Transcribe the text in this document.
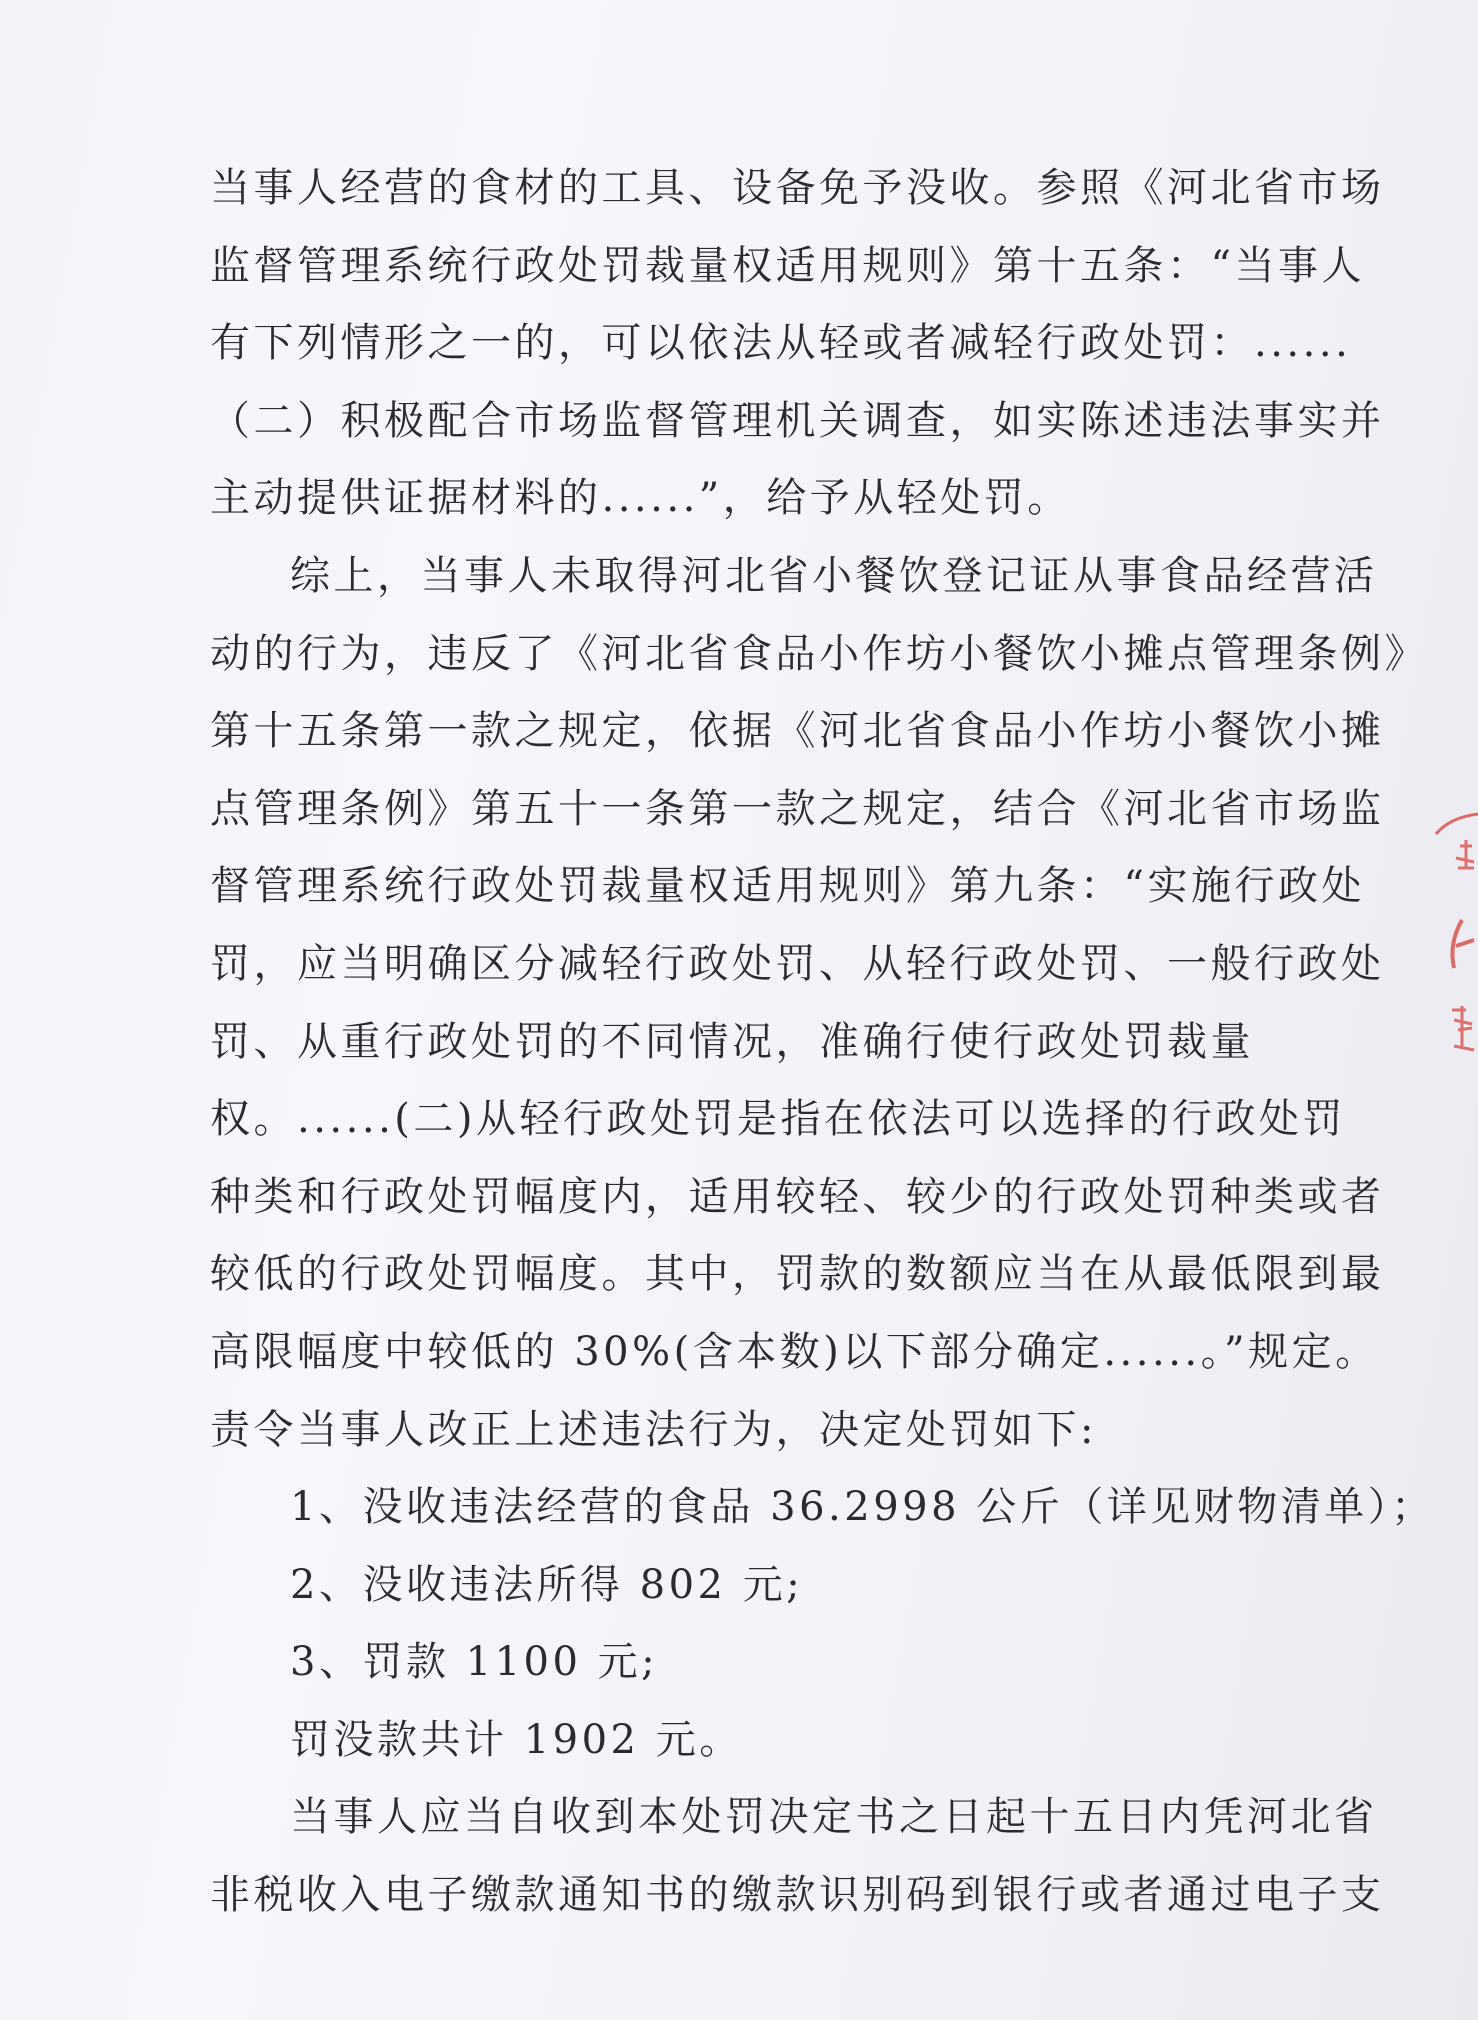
当事人经营的食材的工具、设备免予没收。参照《河北省市场
监督管理系统行政处罚裁量权适用规则》第十五条：“当事人
有下列情形之一的，可以依法从轻或者减轻行政处罚：......
（二）积极配合市场监督管理机关调查，如实陈述违法事实并
主动提供证据材料的......”，给予从轻处罚。
综上，当事人未取得河北省小餐饮登记证从事食品经营活
动的行为，违反了《河北省食品小作坊小餐饮小摊点管理条例》
第十五条第一款之规定，依据《河北省食品小作坊小餐饮小摊
点管理条例》第五十一条第一款之规定，结合《河北省市场监
督管理系统行政处罚裁量权适用规则》第九条：“实施行政处
罚，应当明确区分减轻行政处罚、从轻行政处罚、一般行政处
罚、从重行政处罚的不同情况，准确行使行政处罚裁量
权。......(二)从轻行政处罚是指在依法可以选择的行政处罚
种类和行政处罚幅度内，适用较轻、较少的行政处罚种类或者
较低的行政处罚幅度。其中，罚款的数额应当在从最低限到最
高限幅度中较低的 30%(含本数)以下部分确定......。”规定。
责令当事人改正上述违法行为，决定处罚如下:
1、没收违法经营的食品 36.2998 公斤（详见财物清单）；
2、没收违法所得 802 元;
3、罚款 1100 元;
罚没款共计 1902 元。
当事人应当自收到本处罚决定书之日起十五日内凭河北省
非税收入电子缴款通知书的缴款识别码到银行或者通过电子支
